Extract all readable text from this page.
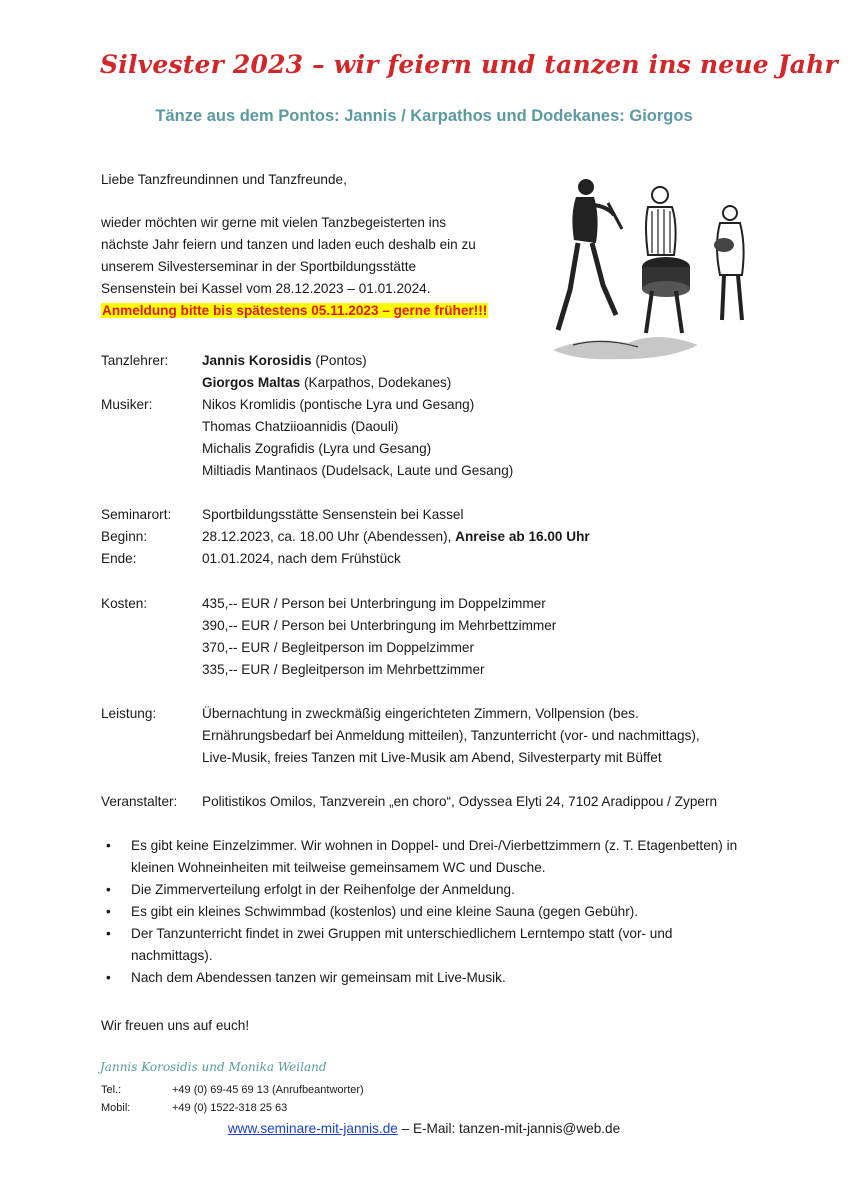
Silvester 2023 – wir feiern und tanzen ins neue Jahr
Tänze aus dem Pontos: Jannis / Karpathos und Dodekanes: Giorgos
Liebe Tanzfreundinnen und Tanzfreunde,
wieder möchten wir gerne mit vielen Tanzbegeisterten ins
nächste Jahr feiern und tanzen und laden euch deshalb ein zu
unserem Silvesterseminar in der Sportbildungsstätte
Sensenstein bei Kassel vom 28.12.2023 – 01.01.2024.
Anmeldung bitte bis spätestens 05.11.2023 – gerne früher!!!
Tanzlehrer: Jannis Korosidis (Pontos)
Giorgos Maltas (Karpathos, Dodekanes)
Musiker:	Nikos Kromlidis (pontische Lyra und Gesang)
Thomas Chatziioannidis (Daouli)
Michalis Zografidis (Lyra und Gesang)
Miltiadis Mantinaos (Dudelsack, Laute und Gesang)
Seminarort: Sportbildungsstätte Sensenstein bei Kassel
Beginn:	28.12.2023, ca. 18.00 Uhr (Abendessen), Anreise ab 16.00 Uhr
Ende:	01.01.2024, nach dem Frühstück
Kosten:	435,-- EUR / Person bei Unterbringung im Doppelzimmer
390,-- EUR / Person bei Unterbringung im Mehrbettzimmer
370,-- EUR / Begleitperson im Doppelzimmer
335,-- EUR / Begleitperson im Mehrbettzimmer
Leistung:	Übernachtung in zweckmäßig eingerichteten Zimmern, Vollpension (bes.
Ernährungsbedarf bei Anmeldung mitteilen), Tanzunterricht (vor- und nachmittags),
Live-Musik, freies Tanzen mit Live-Musik am Abend, Silvesterparty mit Büffet
Veranstalter: Politistikos Omilos, Tanzverein „en choro“, Odyssea Elyti 24, 7102 Aradippou / Zypern
• Es gibt keine Einzelzimmer. Wir wohnen in Doppel- und Drei-/Vierbettzimmern (z. T. Etagenbetten) in kleinen Wohneinheiten mit teilweise gemeinsamem WC und Dusche.
• Die Zimmerverteilung erfolgt in der Reihenfolge der Anmeldung.
• Es gibt ein kleines Schwimmbad (kostenlos) und eine kleine Sauna (gegen Gebühr).
• Der Tanzunterricht findet in zwei Gruppen mit unterschiedlichem Lerntempo statt (vor- und nachmittags).
• Nach dem Abendessen tanzen wir gemeinsam mit Live-Musik.
Wir freuen uns auf euch!
Jannis Korosidis und Monika Weiland
Tel.:	+49 (0) 69-45 69 13 (Anrufbeantworter)
Mobil:	+49 (0) 1522-318 25 63
www.seminare-mit-jannis.de – E-Mail: tanzen-mit-jannis@web.de
